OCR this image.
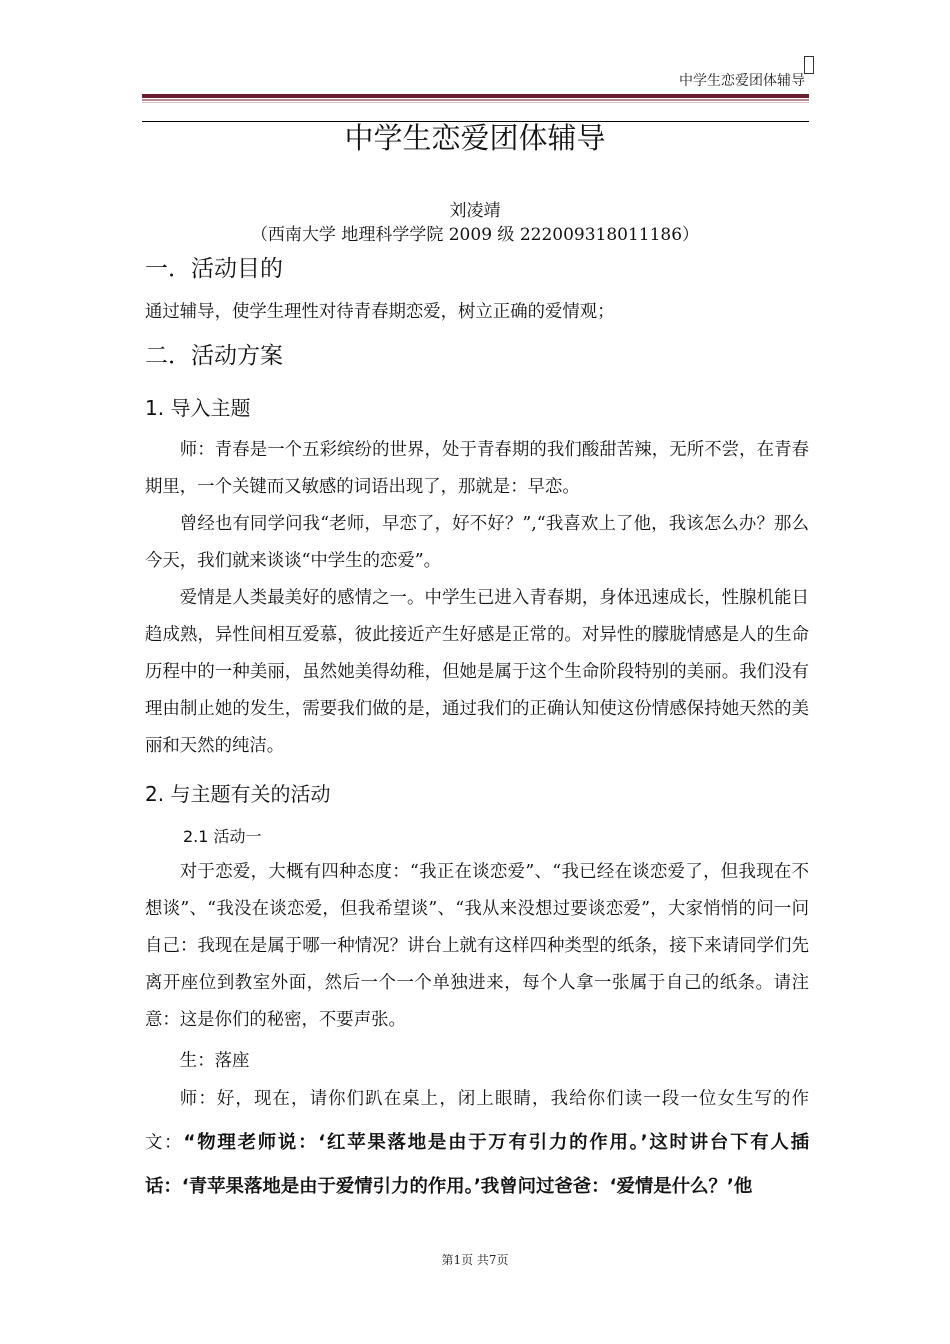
中学生恋爱团体辅导
中学生恋爱团体辅导
刘凌靖
（西南大学 地理科学学院 2009 级 222009318011186）
一．活动目的

通过辅导，使学生理性对待青春期恋爱，树立正确的爱情观；

二．活动方案
1. 导入主题

师：青春是一个五彩缤纷的世界，处于青春期的我们酸甜苦辣，无所不尝，在青春期里，一个关键而又敏感的词语出现了，那就是：早恋。

曾经也有同学问我“老师，早恋了，好不好？”,“我喜欢上了他，我该怎么办？那么今天，我们就来谈谈“中学生的恋爱”。

爱情是人类最美好的感情之一。中学生已进入青春期，身体迅速成长，性腺机能日趋成熟，异性间相互爱慕，彼此接近产生好感是正常的。对异性的朦胧情感是人的生命历程中的一种美丽，虽然她美得幼稚，但她是属于这个生命阶段特别的美丽。我们没有理由制止她的发生，需要我们做的是，通过我们的正确认知使这份情感保持她天然的美丽和天然的纯洁。

2. 与主题有关的活动
2.1 活动一

对于恋爱，大概有四种态度：“我正在谈恋爱”、“我已经在谈恋爱了，但我现在不想谈”、“我没在谈恋爱，但我希望谈”、“我从来没想过要谈恋爱”，大家悄悄的问一问自己：我现在是属于哪一种情况？讲台上就有这样四种类型的纸条，接下来请同学们先离开座位到教室外面，然后一个一个单独进来，每个人拿一张属于自己的纸条。请注意：这是你们的秘密，不要声张。

生：落座

师：好，现在，请你们趴在桌上，闭上眼睛，我给你们读一段一位女生写的作文：“物理老师说：‘红苹果落地是由于万有引力的作用。’这时讲台下有人插话：‘青苹果落地是由于爱情引力的作用。’我曾问过爸爸：‘爱情是什么？’他

第1页 共7页
